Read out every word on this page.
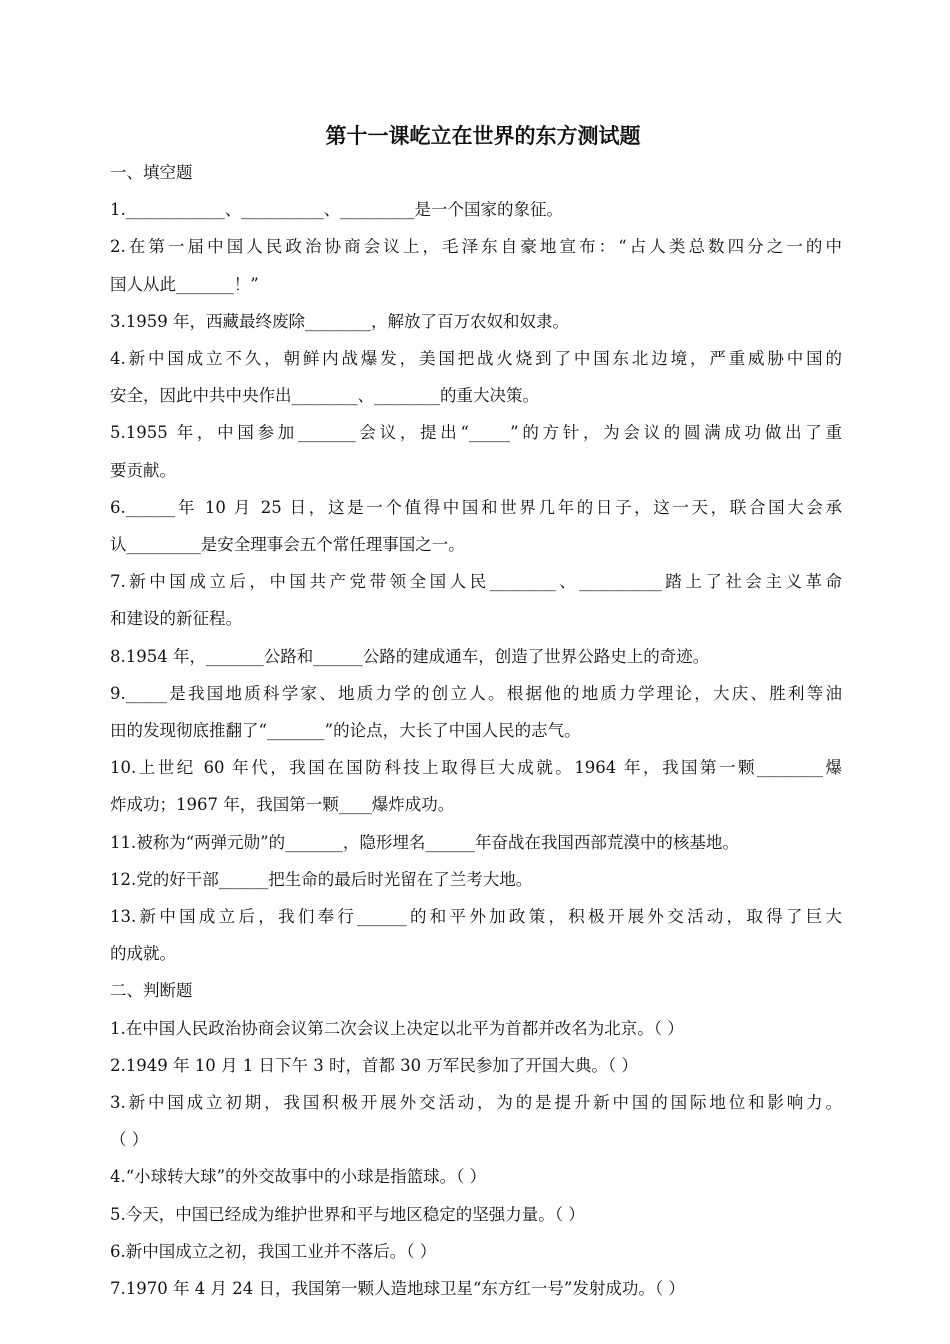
第十一课屹立在世界的东方测试题
一、填空题
1.____________、__________、_________是一个国家的象征。
2.在第一届中国人民政治协商会议上，毛泽东自豪地宣布：“占人类总数四分之一的中
国人从此_______！”
3.1959 年，西藏最终废除________，解放了百万农奴和奴隶。
4.新中国成立不久，朝鲜内战爆发，美国把战火烧到了中国东北边境，严重威胁中国的
安全，因此中共中央作出________、________的重大决策。
5.1955 年，中国参加_______会议，提出“_____”的方针，为会议的圆满成功做出了重
要贡献。
6.______年 10 月 25 日，这是一个值得中国和世界几年的日子，这一天，联合国大会承
认_________是安全理事会五个常任理事国之一。
7.新中国成立后，中国共产党带领全国人民________、__________踏上了社会主义革命
和建设的新征程。
8.1954 年，_______公路和______公路的建成通车，创造了世界公路史上的奇迹。
9._____是我国地质科学家、地质力学的创立人。根据他的地质力学理论，大庆、胜利等油
田的发现彻底推翻了“_______”的论点，大长了中国人民的志气。
10.上世纪 60 年代，我国在国防科技上取得巨大成就。1964 年，我国第一颗________爆
炸成功；1967 年，我国第一颗____爆炸成功。
11.被称为“两弹元勋”的_______，隐形埋名______年奋战在我国西部荒漠中的核基地。
12.党的好干部______把生命的最后时光留在了兰考大地。
13.新中国成立后，我们奉行______的和平外加政策，积极开展外交活动，取得了巨大
的成就。
二、判断题
1.在中国人民政治协商会议第二次会议上决定以北平为首都并改名为北京。（ ）
2.1949 年 10 月 1 日下午 3 时，首都 30 万军民参加了开国大典。（ ）
3.新中国成立初期，我国积极开展外交活动，为的是提升新中国的国际地位和影响力。
（ ）
4.“小球转大球”的外交故事中的小球是指篮球。（ ）
5.今天，中国已经成为维护世界和平与地区稳定的坚强力量。（ ）
6.新中国成立之初，我国工业并不落后。（ ）
7.1970 年 4 月 24 日，我国第一颗人造地球卫星“东方红一号”发射成功。（ ）
